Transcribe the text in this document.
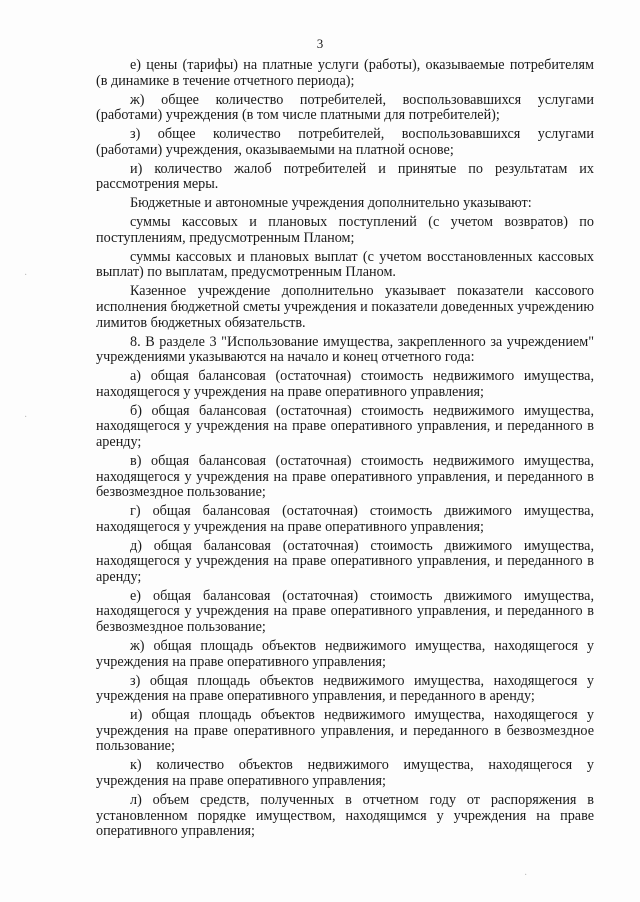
3

е) цены (тарифы) на платные услуги (работы), оказываемые потребителям (в динамике в течение отчетного периода);

ж) общее количество потребителей, воспользовавшихся услугами (работами) учреждения (в том числе платными для потребителей);

з) общее количество потребителей, воспользовавшихся услугами (работами) учреждения, оказываемыми на платной основе;

и) количество жалоб потребителей и принятые по результатам их рассмотрения меры.

Бюджетные и автономные учреждения дополнительно указывают:

суммы кассовых и плановых поступлений (с учетом возвратов) по поступлениям, предусмотренным Планом;

суммы кассовых и плановых выплат (с учетом восстановленных кассовых выплат) по выплатам, предусмотренным Планом.

Казенное учреждение дополнительно указывает показатели кассового исполнения бюджетной сметы учреждения и показатели доведенных учреждению лимитов бюджетных обязательств.

8. В разделе 3 "Использование имущества, закрепленного за учреждением" учреждениями указываются на начало и конец отчетного года:

а) общая балансовая (остаточная) стоимость недвижимого имущества, находящегося у учреждения на праве оперативного управления;

б) общая балансовая (остаточная) стоимость недвижимого имущества, находящегося у учреждения на праве оперативного управления, и переданного в аренду;

в) общая балансовая (остаточная) стоимость недвижимого имущества, находящегося у учреждения на праве оперативного управления, и переданного в безвозмездное пользование;

г) общая балансовая (остаточная) стоимость движимого имущества, находящегося у учреждения на праве оперативного управления;

д) общая балансовая (остаточная) стоимость движимого имущества, находящегося у учреждения на праве оперативного управления, и переданного в аренду;

е) общая балансовая (остаточная) стоимость движимого имущества, находящегося у учреждения на праве оперативного управления, и переданного в безвозмездное пользование;

ж) общая площадь объектов недвижимого имущества, находящегося у учреждения на праве оперативного управления;

з) общая площадь объектов недвижимого имущества, находящегося у учреждения на праве оперативного управления, и переданного в аренду;

и) общая площадь объектов недвижимого имущества, находящегося у учреждения на праве оперативного управления, и переданного в безвозмездное пользование;

к) количество объектов недвижимого имущества, находящегося у учреждения на праве оперативного управления;

л) объем средств, полученных в отчетном году от распоряжения в установленном порядке имуществом, находящимся у учреждения на праве оперативного управления;

·
·
·
